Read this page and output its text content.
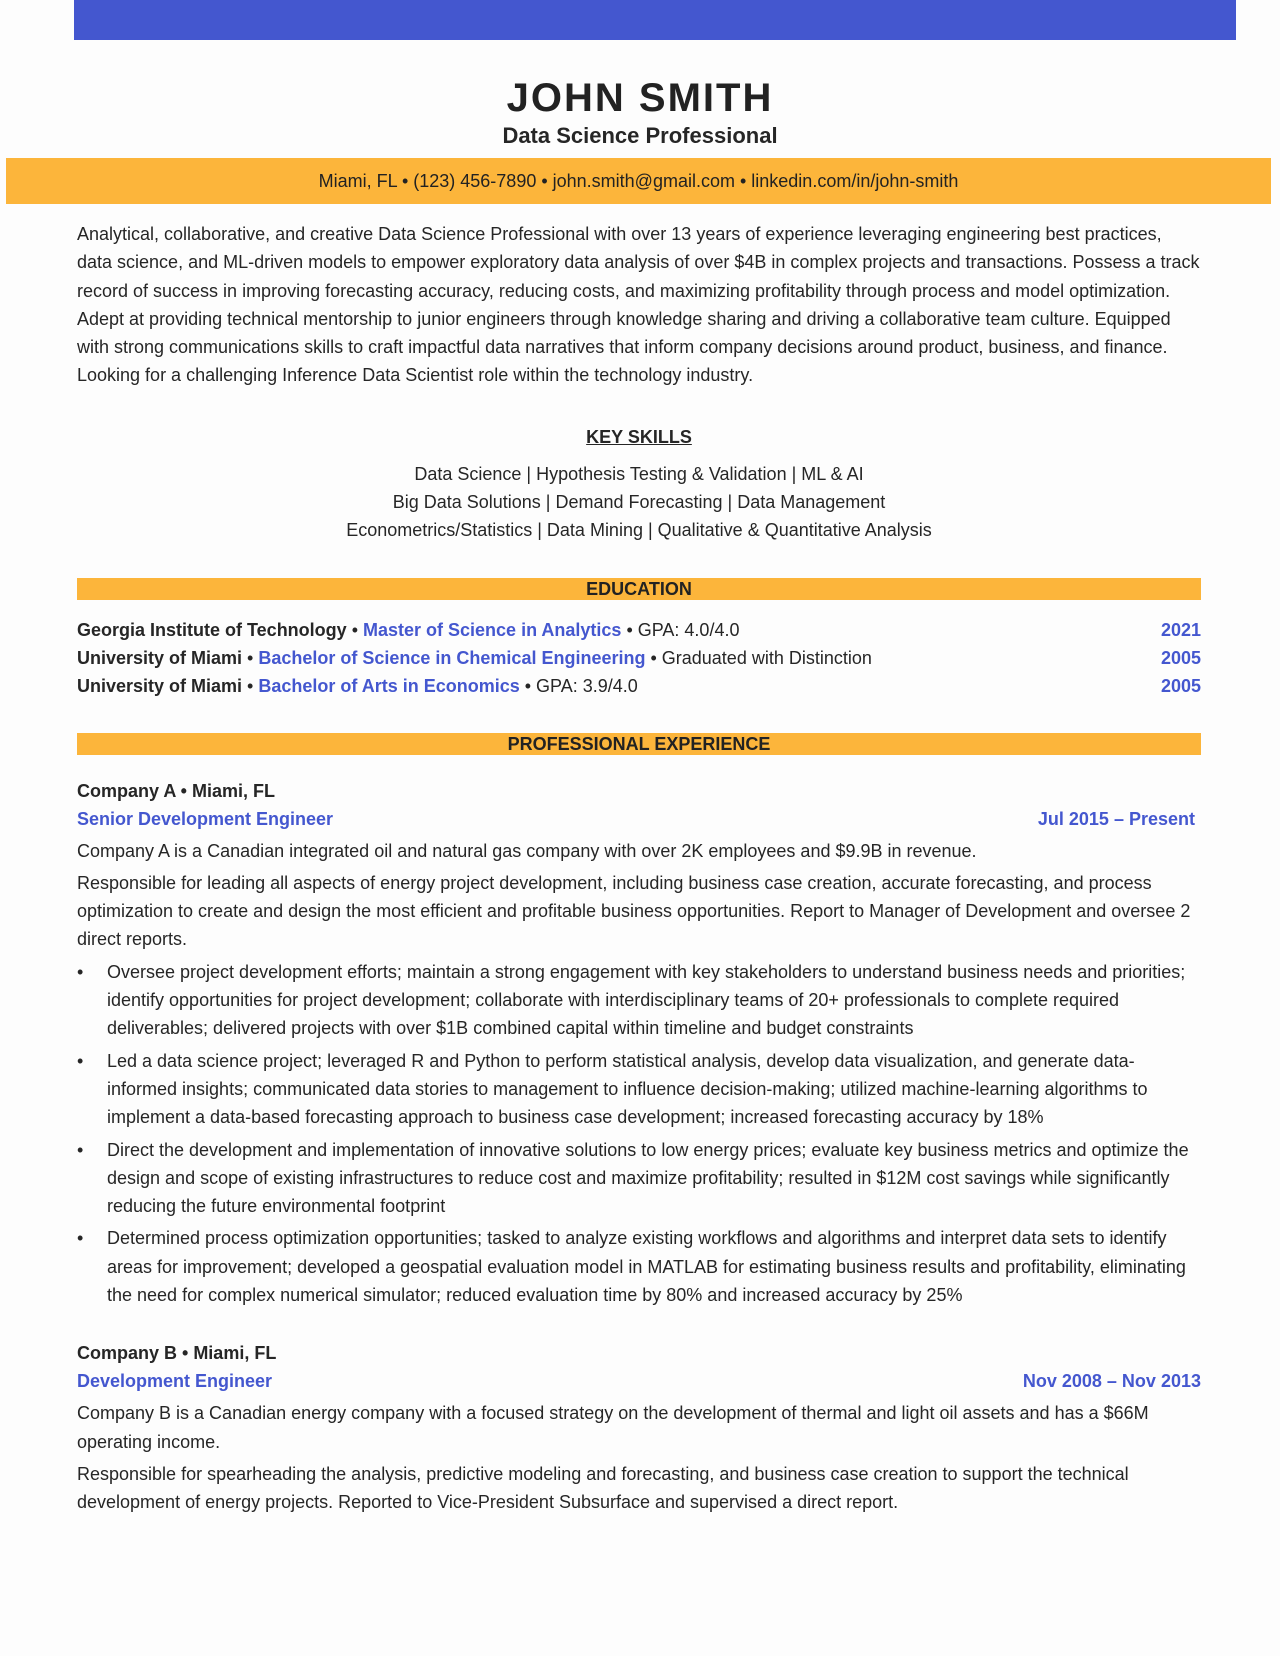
JOHN SMITH
Data Science Professional
Miami, FL • (123) 456-7890 • john.smith@gmail.com • linkedin.com/in/john-smith

Analytical, collaborative, and creative Data Science Professional with over 13 years of experience leveraging engineering best practices, data science, and ML-driven models to empower exploratory data analysis of over $4B in complex projects and transactions. Possess a track record of success in improving forecasting accuracy, reducing costs, and maximizing profitability through process and model optimization. Adept at providing technical mentorship to junior engineers through knowledge sharing and driving a collaborative team culture. Equipped with strong communications skills to craft impactful data narratives that inform company decisions around product, business, and finance. Looking for a challenging Inference Data Scientist role within the technology industry.

KEY SKILLS
Data Science | Hypothesis Testing & Validation | ML & AI
Big Data Solutions | Demand Forecasting | Data Management
Econometrics/Statistics | Data Mining | Qualitative & Quantitative Analysis
EDUCATION
Georgia Institute of Technology • Master of Science in Analytics • GPA: 4.0/4.0	2021
University of Miami • Bachelor of Science in Chemical Engineering • Graduated with Distinction	2005
University of Miami • Bachelor of Arts in Economics • GPA: 3.9/4.0	2005
PROFESSIONAL EXPERIENCE
Company A • Miami, FL
Senior Development Engineer	Jul 2015 – Present

Company A is a Canadian integrated oil and natural gas company with over 2K employees and $9.9B in revenue.

Responsible for leading all aspects of energy project development, including business case creation, accurate forecasting, and process optimization to create and design the most efficient and profitable business opportunities. Report to Manager of Development and oversee 2 direct reports.

• Oversee project development efforts; maintain a strong engagement with key stakeholders to understand business needs and priorities; identify opportunities for project development; collaborate with interdisciplinary teams of 20+ professionals to complete required deliverables; delivered projects with over $1B combined capital within timeline and budget constraints
• Led a data science project; leveraged R and Python to perform statistical analysis, develop data visualization, and generate data-informed insights; communicated data stories to management to influence decision-making; utilized machine-learning algorithms to implement a data-based forecasting approach to business case development; increased forecasting accuracy by 18%
• Direct the development and implementation of innovative solutions to low energy prices; evaluate key business metrics and optimize the design and scope of existing infrastructures to reduce cost and maximize profitability; resulted in $12M cost savings while significantly reducing the future environmental footprint
• Determined process optimization opportunities; tasked to analyze existing workflows and algorithms and interpret data sets to identify areas for improvement; developed a geospatial evaluation model in MATLAB for estimating business results and profitability, eliminating the need for complex numerical simulator; reduced evaluation time by 80% and increased accuracy by 25%
Company B • Miami, FL
Development Engineer	Nov 2008 – Nov 2013

Company B is a Canadian energy company with a focused strategy on the development of thermal and light oil assets and has a $66M operating income.

Responsible for spearheading the analysis, predictive modeling and forecasting, and business case creation to support the technical development of energy projects. Reported to Vice-President Subsurface and supervised a direct report.
